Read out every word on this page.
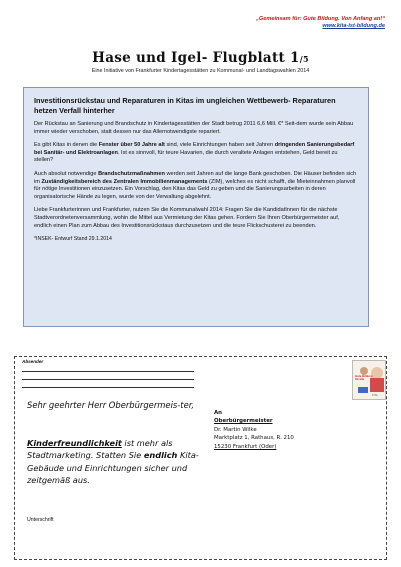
„Gemeinsam für: Gute Bildung. Von Anfang an!“
www.kita-ist-bildung.de
Hase und Igel- Flugblatt 1/5
Eine Initiative von Frankfurter Kindertagesstätten zu Kommunal- und Landtagswahlen 2014
Investitionsrückstau und Reparaturen in Kitas im ungleichen Wettbewerb- Reparaturen hetzen Verfall hinterher

Der Rückstau an Sanierung und Brandschutz in Kindertagesstätten der Stadt betrug 2011 6,6 Mill. €* Seit-dem wurde sein Abbau immer wieder verschoben, statt dessen nur das Allernotwendigste repariert.

Es gibt Kitas in denen die Fenster über 50 Jahre alt sind, viele Einrichtungen haben seit Jahren dringenden Sanierungsbedarf bei Sanitär- und Elektroanlagen. Ist es sinnvoll, für teure Havarien, die durch veraltete Anlagen entstehen, Geld bereit zu stellen?

Auch absolut notwendige Brandschutzmaßnahmen werden seit Jahren auf die lange Bank geschoben. Die Häuser befinden sich im Zuständigkeitsbereich des Zentralen Immobilienmanagements (ZIM), welches es nicht schafft, die Mieteinnahmen planvoll für nötige Investitionen einzusetzen. Ein Vorschlag, den Kitas das Geld zu geben und die Sanierungsarbeiten in deren organisatorische Hände zu legen, wurde von der Verwaltung abgelehnt.

Liebe Frankfurterinnen und Frankfurter, nutzen Sie die Kommunalwahl 2014: Fragen Sie die KandidatInnen für die nächste Stadtverordnetenversammlung, wohin die Mittel aus Vermietung der Kitas gehen. Fordern Sie Ihren Oberbürgermeister auf, endlich einen Plan zum Abbau des Investitionsrückstaus durchzusetzen und die teure Flickschusterei zu beenden.

*INSEK- Entwurf Stand 29.1.2014

Absender
Sehr geehrter Herr Oberbürgermeis-ter,
Kinderfreundlichkeit ist mehr als Stadtmarketing. Statten Sie endlich Kita- Gebäude und Einrichtungen sicher und zeitgemäß aus.
Unterschrift
Gute Bildung für alle
KITA
An
Oberbürgermeister
Dr. Martin Wilke
Marktplatz 1, Rathaus, R. 210
15230 Frankfurt (Oder)
